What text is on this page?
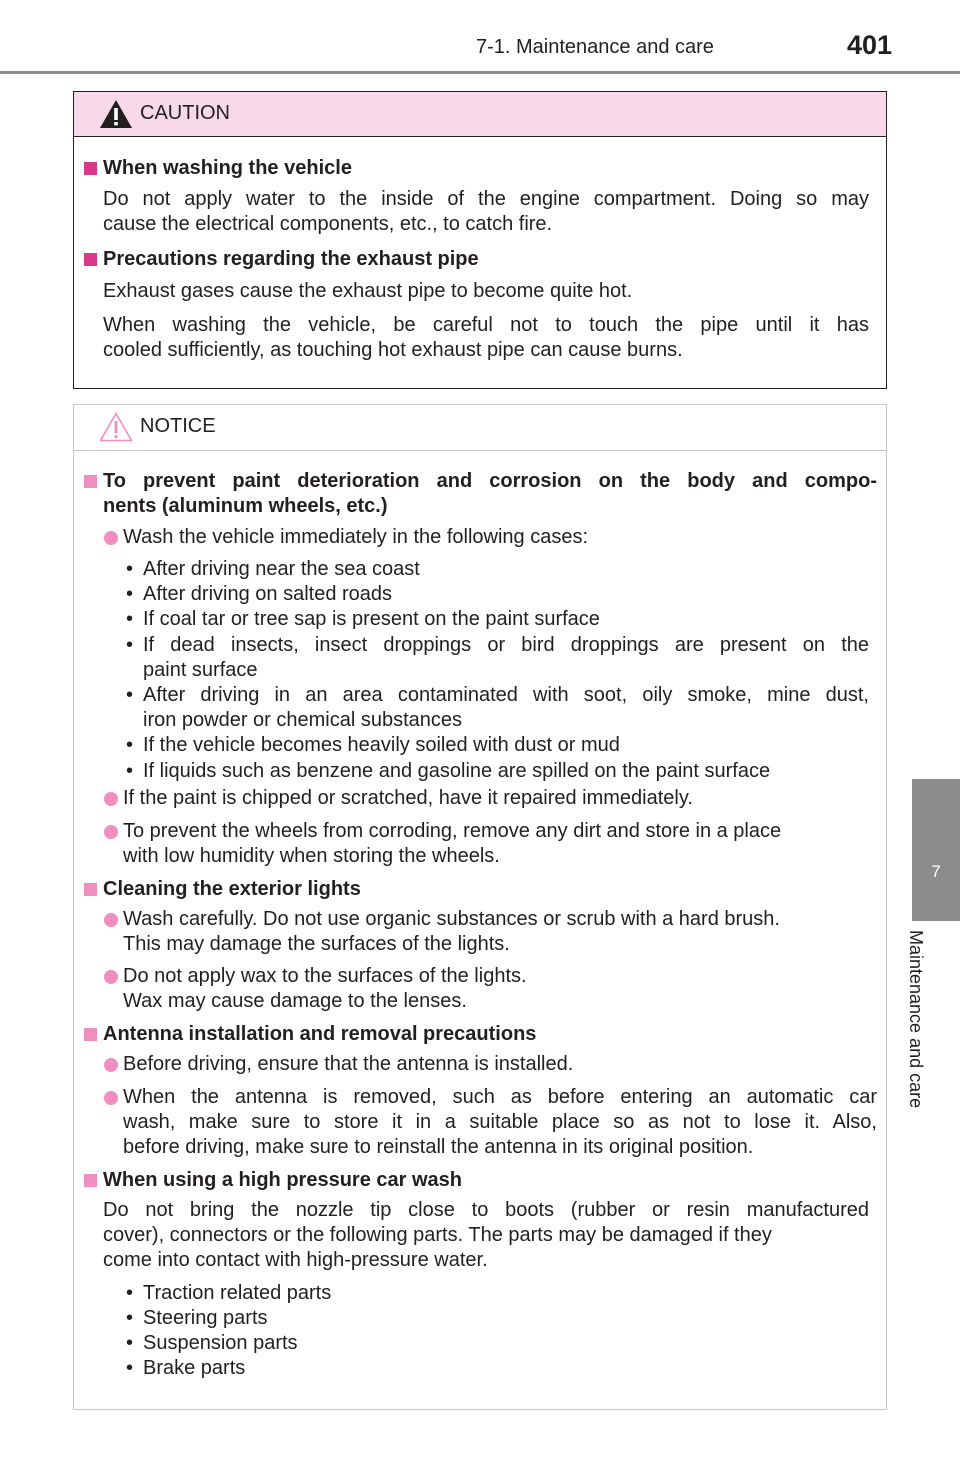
7-1. Maintenance and care	401
7
Maintenance and care
CAUTION
When washing the vehicle
Do not apply water to the inside of the engine compartment. Doing so may
cause the electrical components, etc., to catch fire.
Precautions regarding the exhaust pipe
Exhaust gases cause the exhaust pipe to become quite hot.
When washing the vehicle, be careful not to touch the pipe until it has
cooled sufficiently, as touching hot exhaust pipe can cause burns.
NOTICE
To prevent paint deterioration and corrosion on the body and compo-
nents (aluminum wheels, etc.)
Wash the vehicle immediately in the following cases:
• After driving near the sea coast
• After driving on salted roads
• If coal tar or tree sap is present on the paint surface
• If dead insects, insect droppings or bird droppings are present on the
paint surface
• After driving in an area contaminated with soot, oily smoke, mine dust,
iron powder or chemical substances
• If the vehicle becomes heavily soiled with dust or mud
• If liquids such as benzene and gasoline are spilled on the paint surface
If the paint is chipped or scratched, have it repaired immediately.
To prevent the wheels from corroding, remove any dirt and store in a place
with low humidity when storing the wheels.
Cleaning the exterior lights
Wash carefully. Do not use organic substances or scrub with a hard brush.
This may damage the surfaces of the lights.
Do not apply wax to the surfaces of the lights.
Wax may cause damage to the lenses.
Antenna installation and removal precautions
Before driving, ensure that the antenna is installed.
When the antenna is removed, such as before entering an automatic car
wash, make sure to store it in a suitable place so as not to lose it. Also,
before driving, make sure to reinstall the antenna in its original position.
When using a high pressure car wash
Do not bring the nozzle tip close to boots (rubber or resin manufactured
cover), connectors or the following parts. The parts may be damaged if they
come into contact with high-pressure water.
• Traction related parts
• Steering parts
• Suspension parts
• Brake parts
